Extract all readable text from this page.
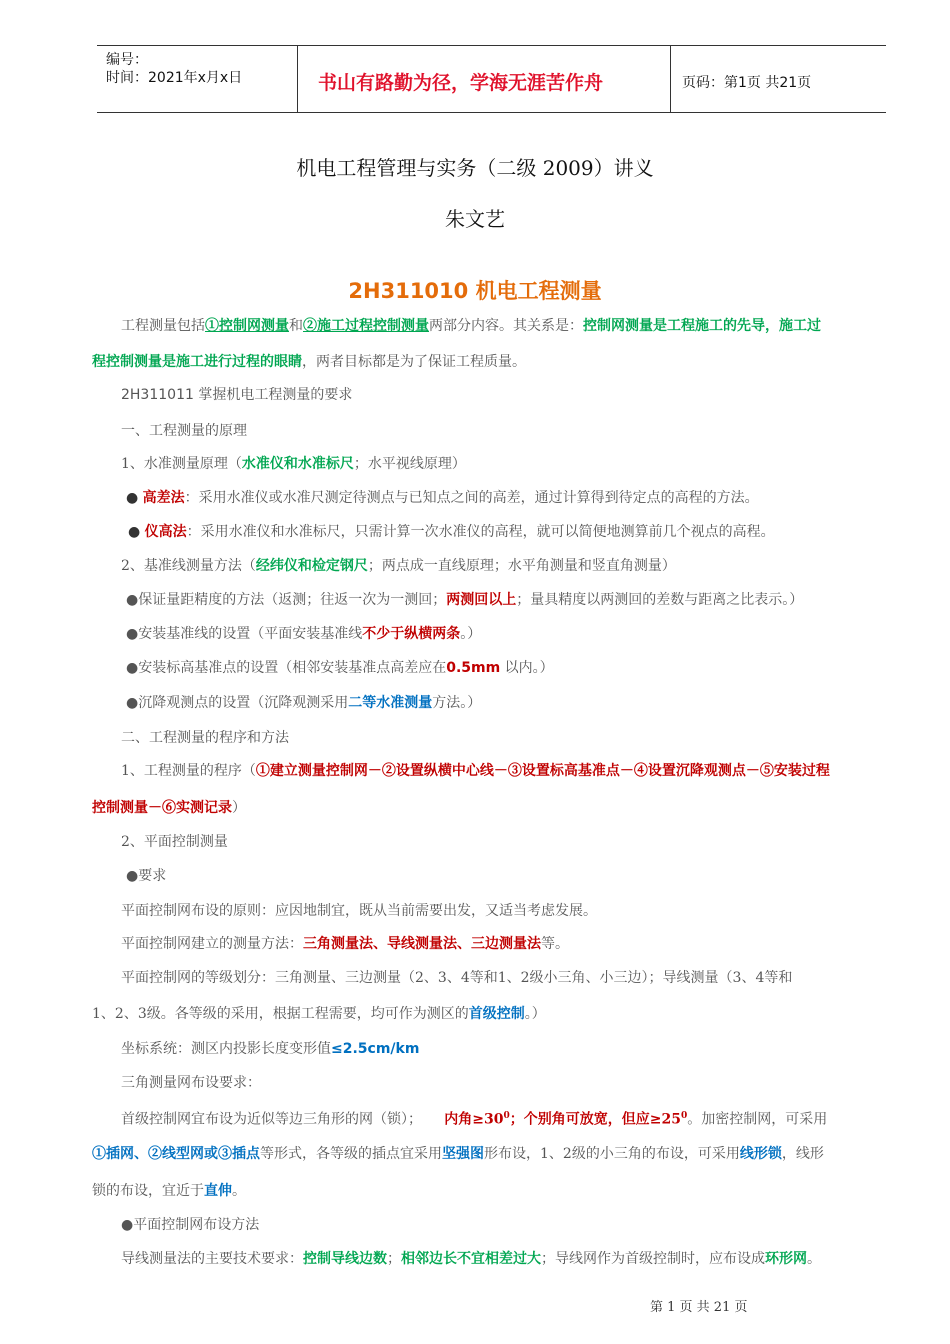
编号：
时间：2021年x月x日	书山有路勤为径，学海无涯苦作舟	页码：第1页 共21页
机电工程管理与实务（二级 2009）讲义
朱文艺
2H311010 机电工程测量
工程测量包括①控制网测量和②施工过程控制测量两部分内容。其关系是：控制网测量是工程施工的先导，施工过
程控制测量是施工进行过程的眼睛，两者目标都是为了保证工程质量。
2H311011 掌握机电工程测量的要求
一、工程测量的原理
1、水准测量原理（水准仪和水准标尺；水平视线原理）
● 高差法：采用水准仪或水准尺测定待测点与已知点之间的高差，通过计算得到待定点的高程的方法。
● 仪高法：采用水准仪和水准标尺，只需计算一次水准仪的高程，就可以简便地测算前几个视点的高程。
2、基准线测量方法（经纬仪和检定钢尺；两点成一直线原理；水平角测量和竖直角测量）
●保证量距精度的方法（返测；往返一次为一测回；两测回以上；量具精度以两测回的差数与距离之比表示。）
●安装基准线的设置（平面安装基准线不少于纵横两条。）
●安装标高基准点的设置（相邻安装基准点高差应在0.5mm 以内。）
●沉降观测点的设置（沉降观测采用二等水准测量方法。）
二、工程测量的程序和方法
1、工程测量的程序（①建立测量控制网－②设置纵横中心线－③设置标高基准点－④设置沉降观测点－⑤安装过程
控制测量－⑥实测记录）
2、平面控制测量
●要求
平面控制网布设的原则：应因地制宜，既从当前需要出发，又适当考虑发展。
平面控制网建立的测量方法：三角测量法、导线测量法、三边测量法等。
平面控制网的等级划分：三角测量、三边测量（2、3、4等和1、2级小三角、小三边）；导线测量（3、4等和
1、2、3级。各等级的采用，根据工程需要，均可作为测区的首级控制。）
坐标系统：测区内投影长度变形值≤2.5cm/km
三角测量网布设要求：
首级控制网宜布设为近似等边三角形的网（锁）； 内角$\ge 30^0$；个别角可放宽，但应$\ge 25^0$。加密控制网，可采用
①插网、②线型网或③插点等形式，各等级的插点宜采用坚强图形布设，1、2级的小三角的布设，可采用线形锁，线形
锁的布设，宜近于直伸。
●平面控制网布设方法
导线测量法的主要技术要求：控制导线边数；相邻边长不宜相差过大；导线网作为首级控制时，应布设成环形网。
第 1 页 共 21 页
